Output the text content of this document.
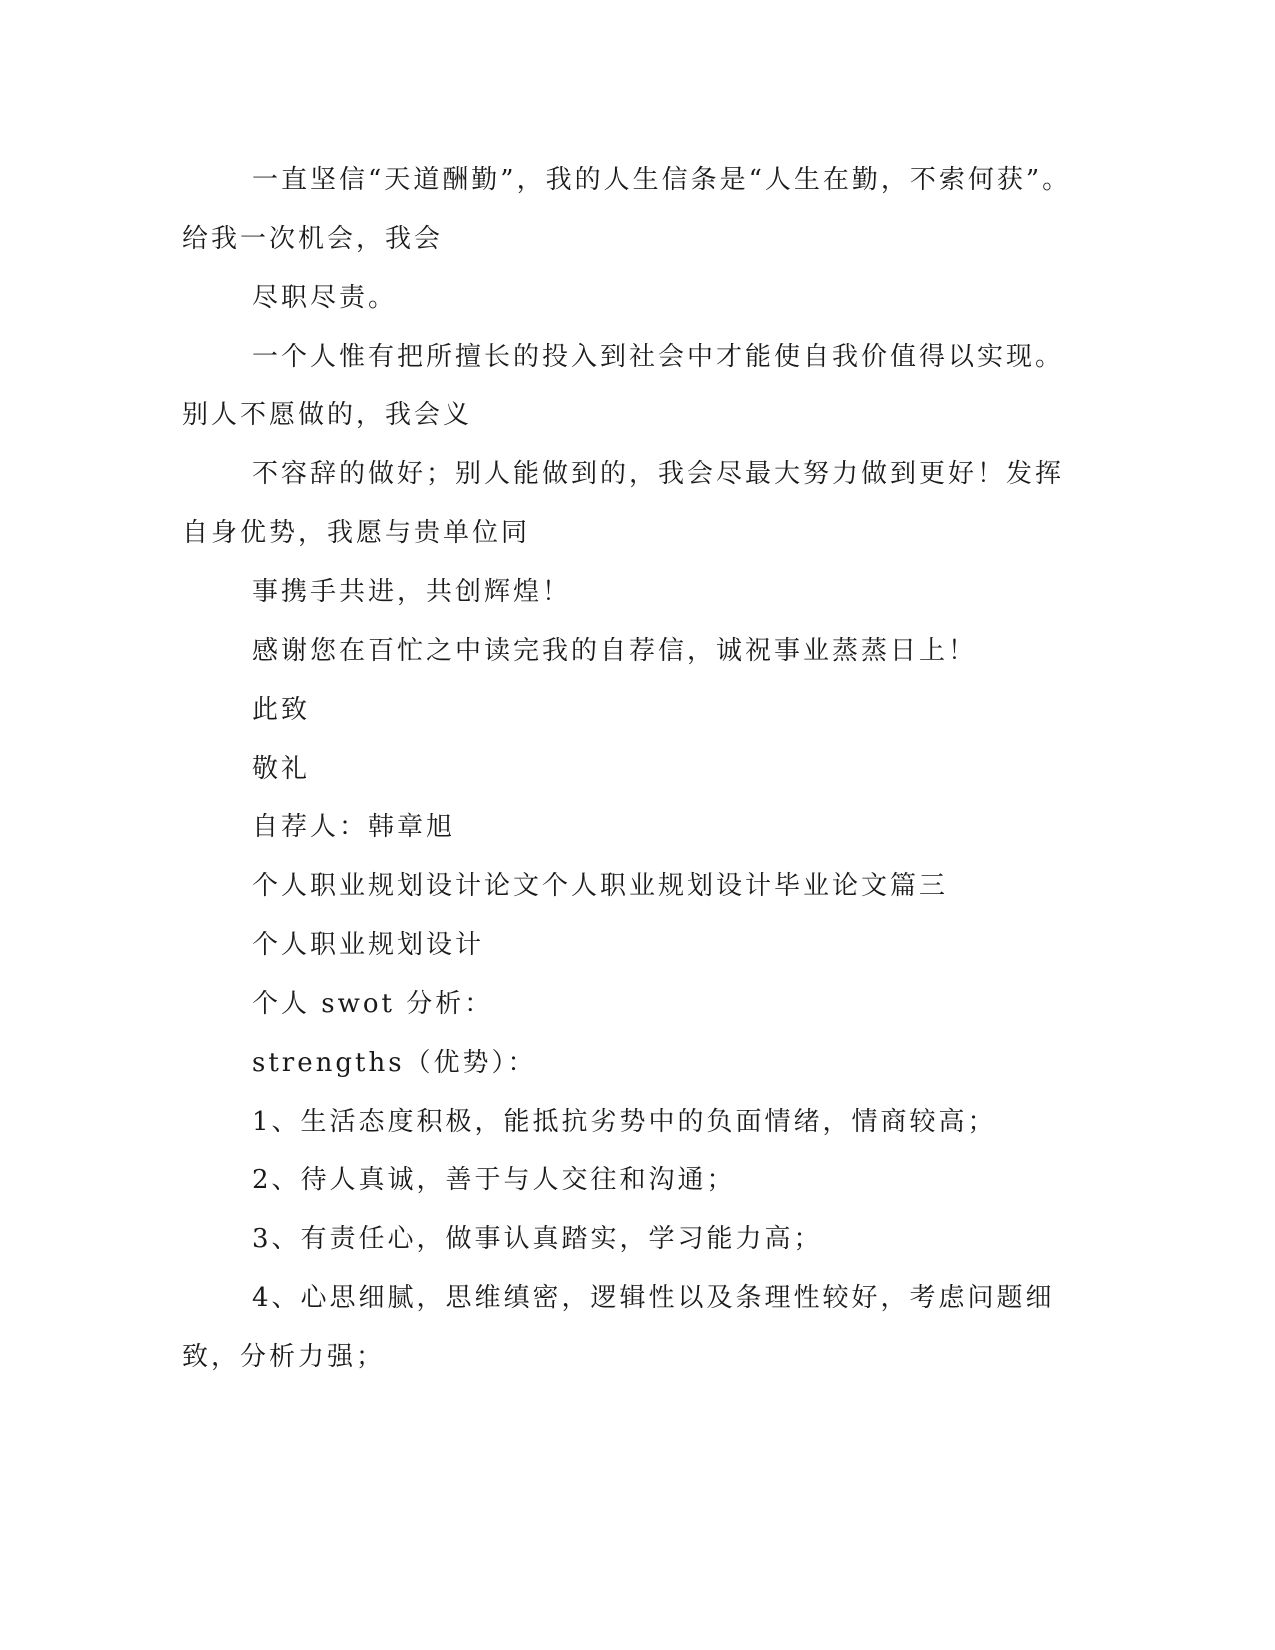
一直坚信“天道酬勤”，我的人生信条是“人生在勤，不索何获”。

给我一次机会，我会

尽职尽责。

一个人惟有把所擅长的投入到社会中才能使自我价值得以实现。

别人不愿做的，我会义

不容辞的做好；别人能做到的，我会尽最大努力做到更好！发挥

自身优势，我愿与贵单位同

事携手共进，共创辉煌！

感谢您在百忙之中读完我的自荐信，诚祝事业蒸蒸日上！

此致

敬礼

自荐人：韩章旭

个人职业规划设计论文个人职业规划设计毕业论文篇三

个人职业规划设计

个人 swot 分析：

strengths（优势）：

1、生活态度积极，能抵抗劣势中的负面情绪，情商较高；

2、待人真诚，善于与人交往和沟通；

3、有责任心，做事认真踏实，学习能力高；

4、心思细腻，思维缜密，逻辑性以及条理性较好，考虑问题细

致，分析力强；
